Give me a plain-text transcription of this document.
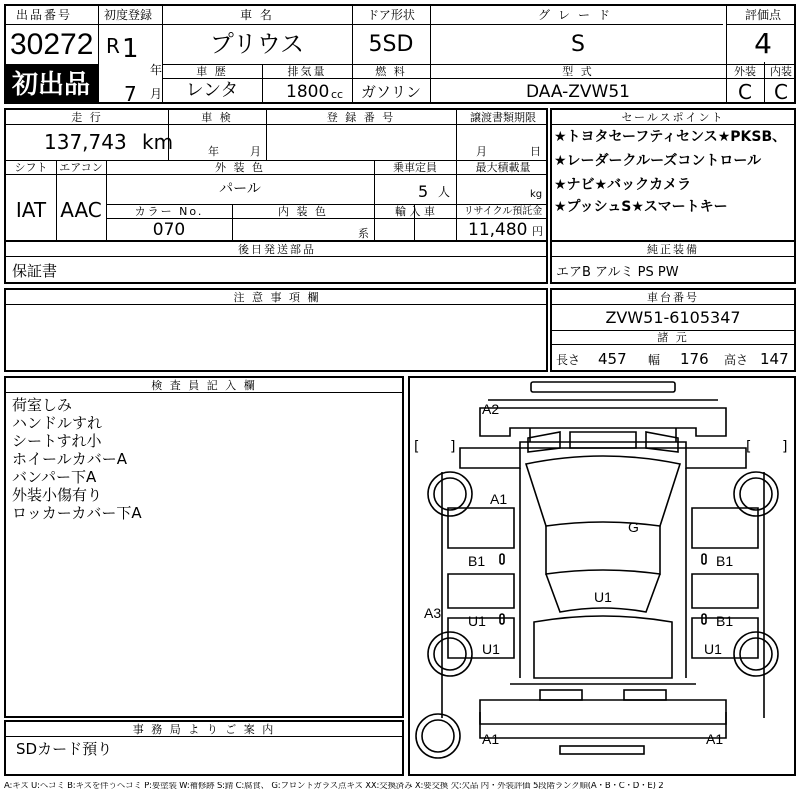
出品番号
30272
初出品
初度登録
R 1
年
7 月
車 名
プリウス
ドア形状
5SD
グレード
S
評価点
4
車 歴
レンタ
排気量
1800 cc
燃 料
ガソリン
型 式
DAA-ZVW51
外装 内装
C C
走 行
137,743 km
車 検
年	月
登 録 番 号	譲渡書類期限
月	日
シフト
IAT
エアコン
AAC
外 装 色
パール
乗車定員
5 人
最大積載量
kg
カラー No.
070
内 装 色
系
輸 入 車	リサイクル預託金
11,480 円
セールスポイント
★トヨタセーフティセンス★PKSB、
★レーダークルーズコントロール
★ナビ★バックカメラ
★プッシュS★スマートキー
後日発送部品
保証書
純正装備
エアB アルミ PS PW
注 意 事 項 欄	車台番号
ZVW51-6105347
諸 元
長さ 457 幅 176 高さ 147
検 査 員 記 入 欄
荷室しみ
ハンドルすれ
シートすれ小
ホイールカバーA
バンパー下A
外装小傷有り
ロッカーカバー下A
事 務 局 よ り ご 案 内
SDカード預り
A2
A1
G
B1	B1
A3 U1
U1
B1
U1	U1
A1	A1
[ ]	[ ]
A:キズ U:ヘコミ B:キズを伴うヘコミ P:要塗装 W:補修跡 S:錆 C:腐食、 G:フロントガラス点キズ XX:交換済み X:要交換 欠:欠品 内・外装評価 5段階ランク順(A・B・C・D・E) 2
